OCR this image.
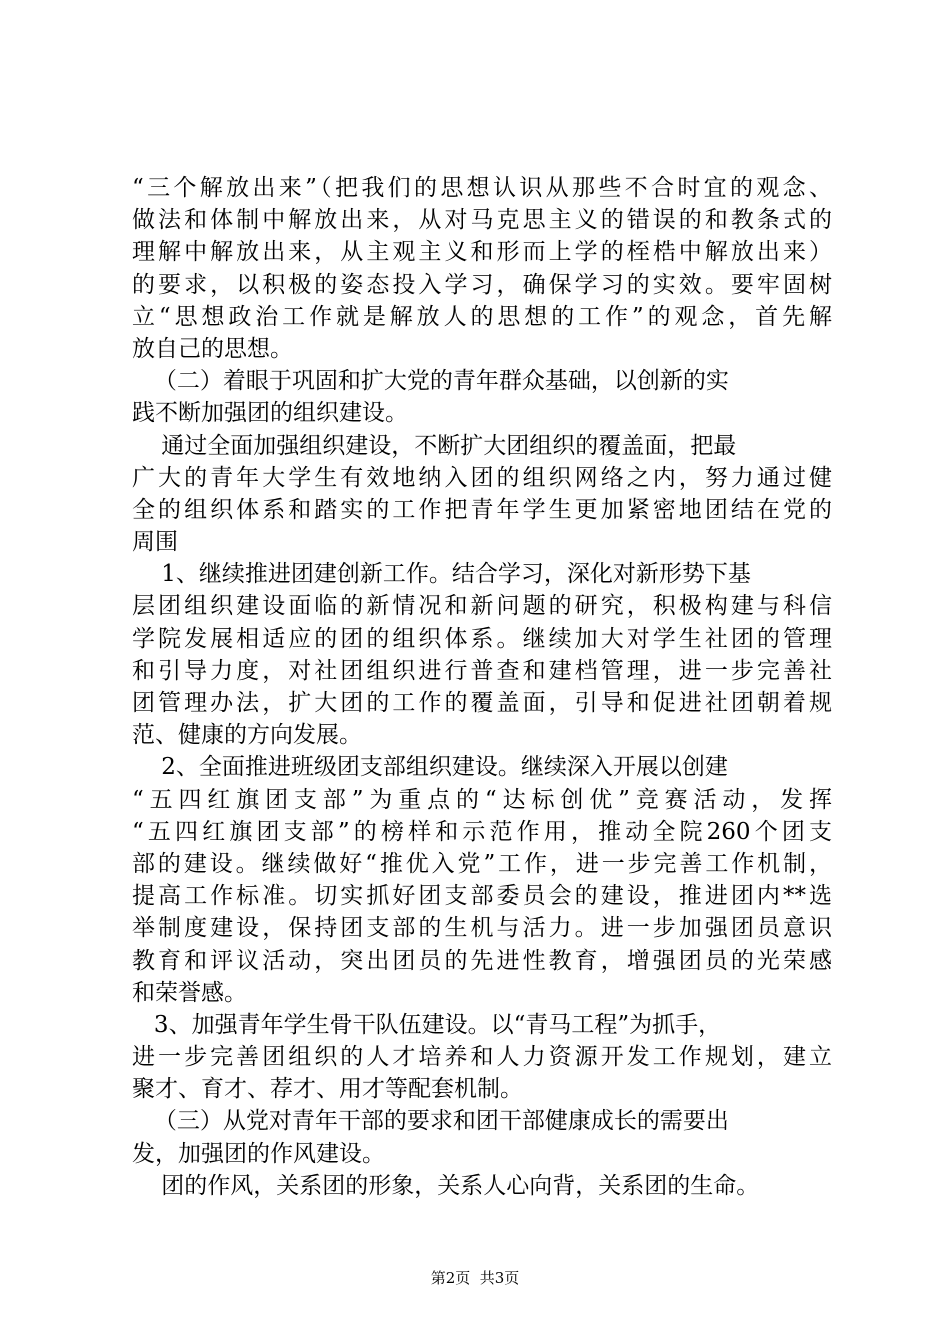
“三个解放出来”（把我们的思想认识从那些不合时宜的观念、
做法和体制中解放出来，从对马克思主义的错误的和教条式的
理解中解放出来，从主观主义和形而上学的桎梏中解放出来）
的要求，以积极的姿态投入学习，确保学习的实效。要牢固树
立“思想政治工作就是解放人的思想的工作”的观念，首先解
放自己的思想。
（二）着眼于巩固和扩大党的青年群众基础，以创新的实
践不断加强团的组织建设。
通过全面加强组织建设，不断扩大团组织的覆盖面，把最
广大的青年大学生有效地纳入团的组织网络之内，努力通过健
全的组织体系和踏实的工作把青年学生更加紧密地团结在党的
周围
1、继续推进团建创新工作。结合学习，深化对新形势下基
层团组织建设面临的新情况和新问题的研究，积极构建与科信
学院发展相适应的团的组织体系。继续加大对学生社团的管理
和引导力度，对社团组织进行普查和建档管理，进一步完善社
团管理办法，扩大团的工作的覆盖面，引导和促进社团朝着规
范、健康的方向发展。
2、全面推进班级团支部组织建设。继续深入开展以创建
“五四红旗团支部”为重点的“达标创优”竞赛活动，发挥
“五四红旗团支部”的榜样和示范作用，推动全院260个团支
部的建设。继续做好“推优入党”工作，进一步完善工作机制，
提高工作标准。切实抓好团支部委员会的建设，推进团内**选
举制度建设，保持团支部的生机与活力。进一步加强团员意识
教育和评议活动，突出团员的先进性教育，增强团员的光荣感
和荣誉感。
3、加强青年学生骨干队伍建设。以“青马工程”为抓手，
进一步完善团组织的人才培养和人力资源开发工作规划，建立
聚才、育才、荐才、用才等配套机制。
（三）从党对青年干部的要求和团干部健康成长的需要出
发，加强团的作风建设。
团的作风，关系团的形象，关系人心向背，关系团的生命。
第2页  共3页
